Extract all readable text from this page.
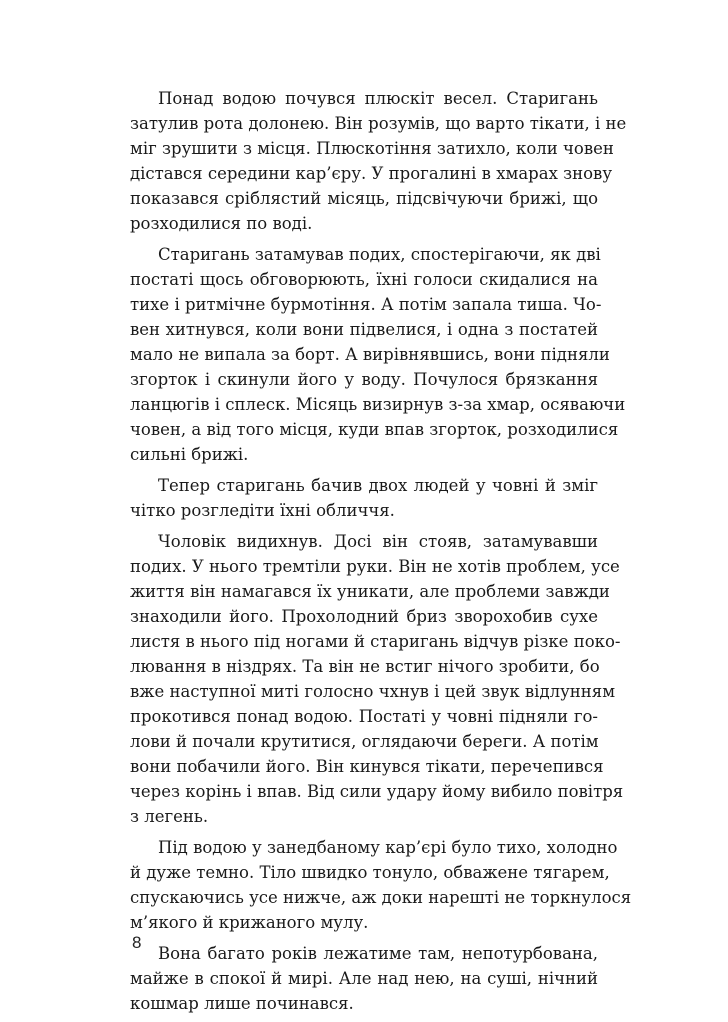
Понад водою почувся плюскіт весел. Старигань
затулив рота долонею. Він розумів, що варто тікати, і не
міг зрушити з місця. Плюскотіння затихло, коли човен
дістався середини кар’єру. У прогалині в хмарах знову
показався сріблястий місяць, підсвічуючи брижі, що
розходилися по воді.
Старигань затамував подих, спостерігаючи, як дві
постаті щось обговорюють, їхні голоси скидалися на
тихе і ритмічне бурмотіння. А потім запала тиша. Чо-
вен хитнувся, коли вони підвелися, і одна з постатей
мало не випала за борт. А вирівнявшись, вони підняли
згорток і скинули його у воду. Почулося брязкання
ланцюгів і сплеск. Місяць визирнув з-за хмар, осяваючи
човен, а від того місця, куди впав згорток, розходилися
сильні брижі.
Тепер старигань бачив двох людей у човні й зміг
чітко розгледіти їхні обличчя.
Чоловік видихнув. Досі він стояв, затамувавши
подих. У нього тремтіли руки. Він не хотів проблем, усе
життя він намагався їх уникати, але проблеми завжди
знаходили його. Прохолодний бриз зворохобив сухе
листя в нього під ногами й старигань відчув різке поко-
лювання в ніздрях. Та він не встиг нічого зробити, бо
вже наступної миті голосно чхнув і цей звук відлунням
прокотився понад водою. Постаті у човні підняли го-
лови й почали крутитися, оглядаючи береги. А потім
вони побачили його. Він кинувся тікати, перечепився
через корінь і впав. Від сили удару йому вибило повітря
з легень.
Під водою у занедбаному кар’єрі було тихо, холодно
й дуже темно. Тіло швидко тонуло, обважене тягарем,
спускаючись усе нижче, аж доки нарешті не торкнулося
м’якого й крижаного мулу.
Вона багато років лежатиме там, непотурбована,
майже в спокої й мирі. Але над нею, на суші, нічний
кошмар лише починався.
8
